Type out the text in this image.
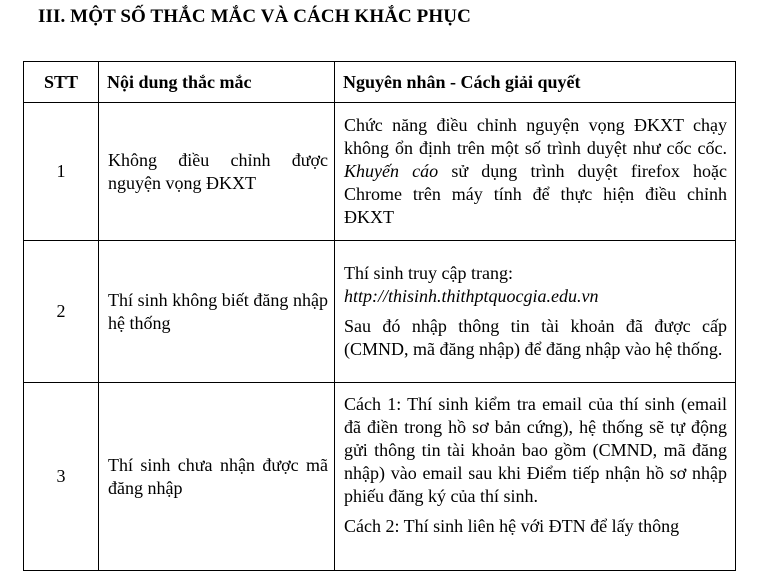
III. MỘT SỐ THẮC MẮC VÀ CÁCH KHẮC PHỤC
STT	Nội dung thắc mắc	Nguyên nhân - Cách giải quyết
1	Không điều chỉnh được nguyện vọng ĐKXT	Chức năng điều chỉnh nguyện vọng ĐKXT chạy không ổn định trên một số trình duyệt như cốc cốc. Khuyến cáo sử dụng trình duyệt firefox hoặc Chrome trên máy tính để thực hiện điều chỉnh ĐKXT
2	Thí sinh không biết đăng nhập hệ thống	Thí sinh truy cập trang:
http://thisinh.thithptquocgia.edu.vn

Sau đó nhập thông tin tài khoản đã được cấp (CMND, mã đăng nhập) để đăng nhập vào hệ thống.

3	Thí sinh chưa nhận được mã đăng nhập	Cách 1: Thí sinh kiểm tra email của thí sinh (email đã điền trong hồ sơ bản cứng), hệ thống sẽ tự động gửi thông tin tài khoản bao gồm (CMND, mã đăng nhập) vào email sau khi Điểm tiếp nhận hồ sơ nhập phiếu đăng ký của thí sinh.

Cách 2: Thí sinh liên hệ với ĐTN để lấy thông
